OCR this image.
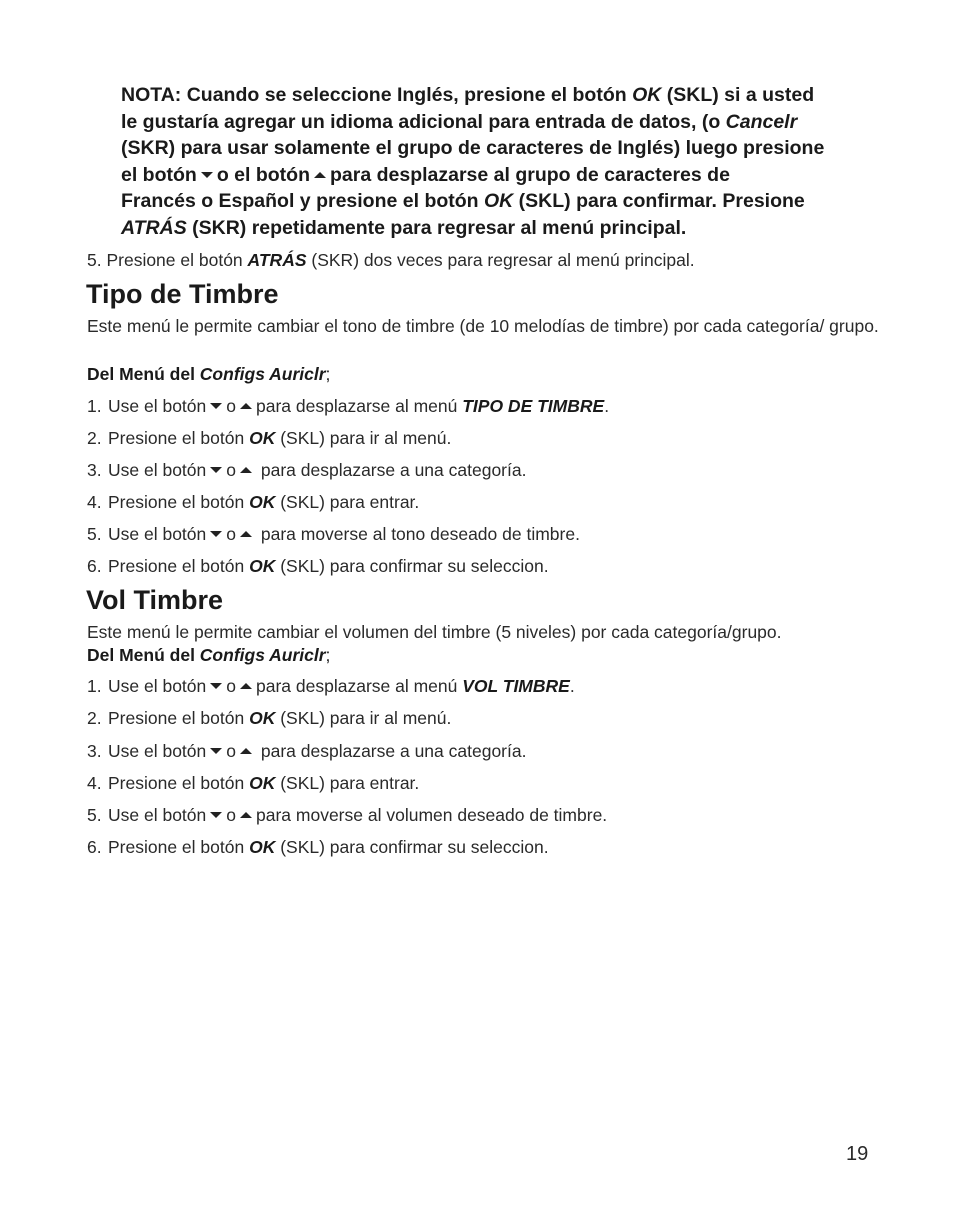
NOTA: Cuando se seleccione Inglés, presione el botón OK (SKL) si a usted
le gustaría agregar un idioma adicional para entrada de datos, (o Cancelr
(SKR) para usar solamente el grupo de caracteres de Inglés) luego presione
el botón o el botón para desplazarse al grupo de caracteres de
Francés o Español y presione el botón OK (SKL) para confirmar. Presione
ATRÁS (SKR) repetidamente para regresar al menú principal.
5. Presione el botón ATRÁS (SKR) dos veces para regresar al menú principal.
Tipo de Timbre
Este menú le permite cambiar el tono de timbre (de 10 melodías de timbre) por cada categoría/ grupo.
Del Menú del Configs Auriclr;
1. Use el botón o para desplazarse al menú TIPO DE TIMBRE.
2. Presione el botón OK (SKL) para ir al menú.
3. Use el botón o para desplazarse a una categoría.
4. Presione el botón OK (SKL) para entrar.
5. Use el botón o para moverse al tono deseado de timbre.
6. Presione el botón OK (SKL) para confirmar su seleccion.
Vol Timbre
Este menú le permite cambiar el volumen del timbre (5 niveles) por cada categoría/grupo.
Del Menú del Configs Auriclr;
1. Use el botón o para desplazarse al menú VOL TIMBRE.
2. Presione el botón OK (SKL) para ir al menú.
3. Use el botón o para desplazarse a una categoría.
4. Presione el botón OK (SKL) para entrar.
5. Use el botón o para moverse al volumen deseado de timbre.
6. Presione el botón OK (SKL) para confirmar su seleccion.
19
